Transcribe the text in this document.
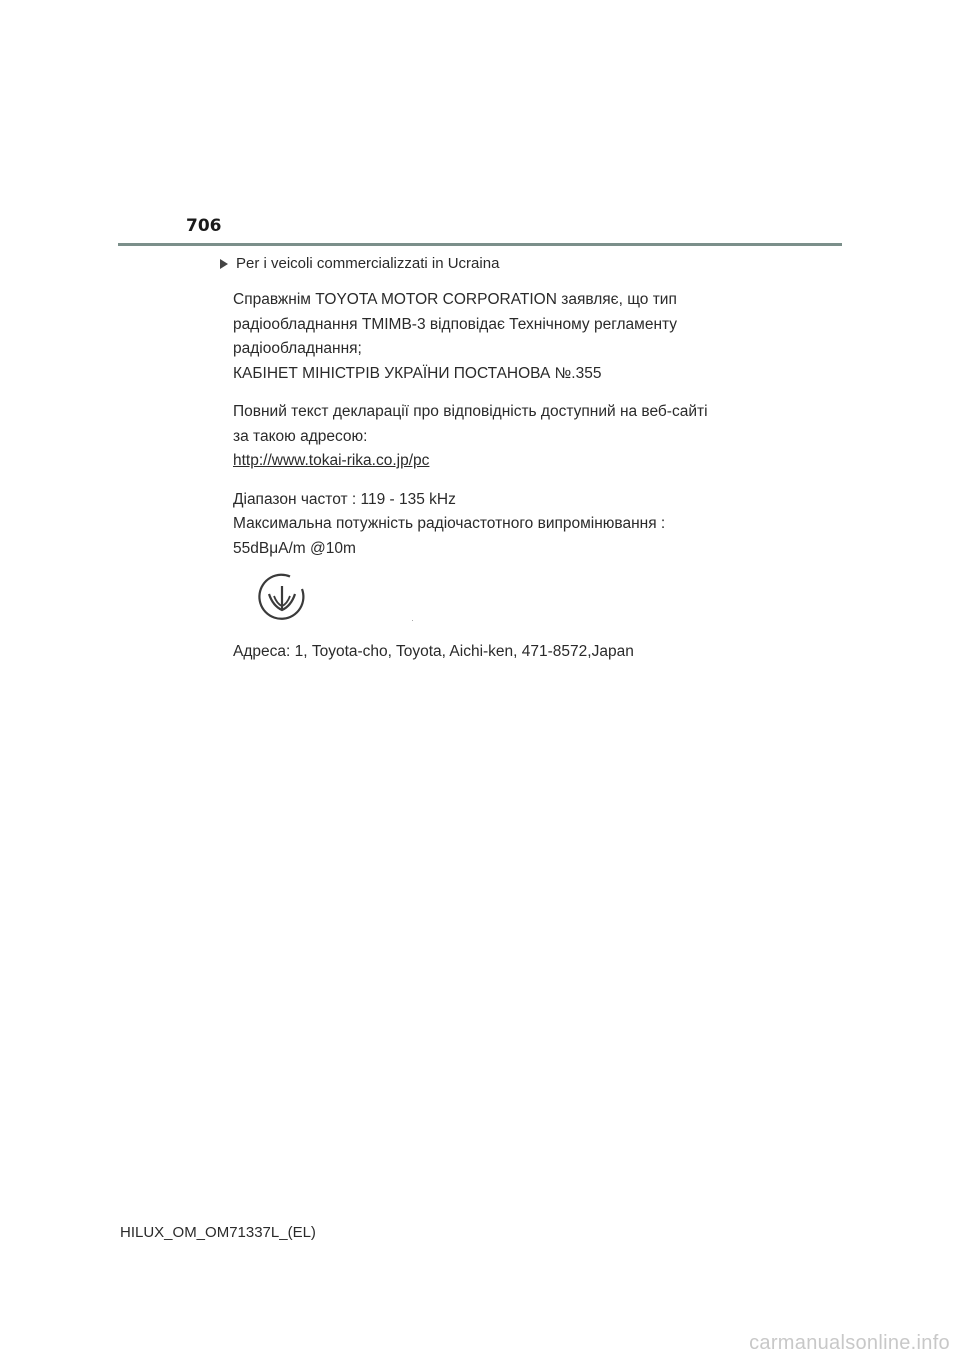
706
Per i veicoli commercializzati in Ucraina

Справжнім TOYOTA MOTOR CORPORATION заявляє, що тип
радіообладнання TMIMB-3 відповідає Технічному регламенту
радіообладнання;
КАБІНЕТ МІНІСТРІВ УКРАЇНИ ПОСТАНОВА №.355

Повний текст декларації про відповідність доступний на веб-сайті
за такою адресою:
http://www.tokai-rika.co.jp/pc

Діапазон частот : 119 - 135 kHz
Максимальна потужність радіочастотного випромінювання :
55dBμA/m @10m

Адреса: 1, Toyota-cho, Toyota, Aichi-ken, 471-8572,Japan
HILUX_OM_OM71337L_(EL)
carmanualsonline.info
